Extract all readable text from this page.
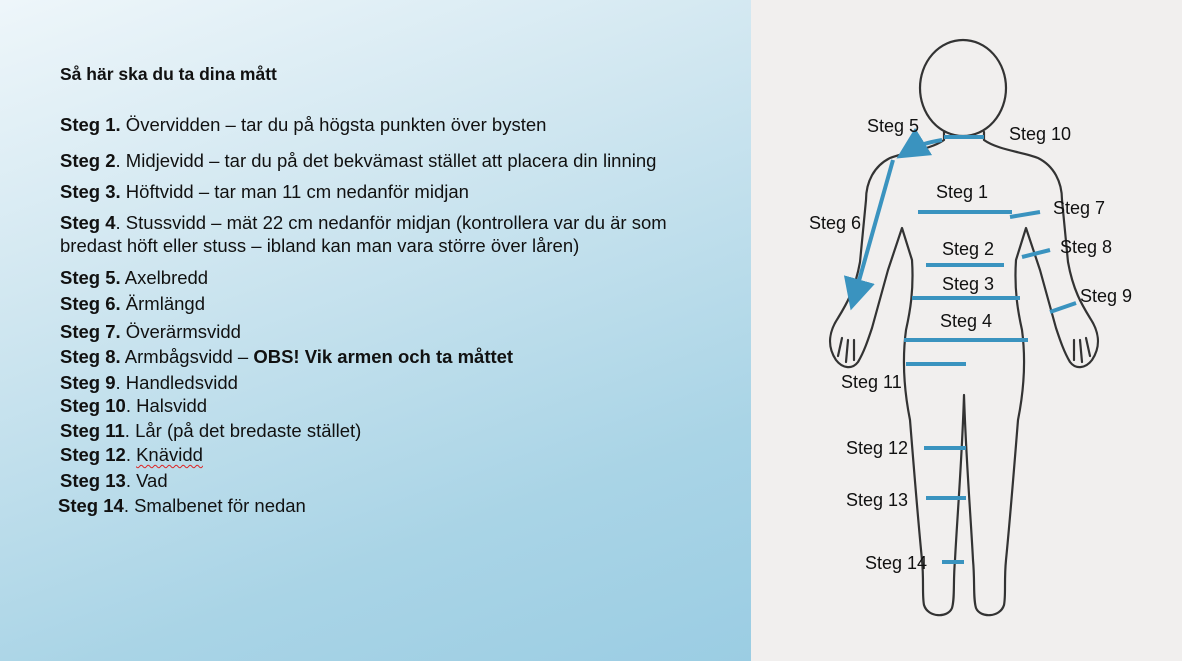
Så här ska du ta dina mått
Steg 1. Övervidden – tar du på högsta punkten över bysten
Steg 2. Midjevidd – tar du på det bekvämast stället att placera din linning
Steg 3. Höftvidd – tar man 11 cm nedanför midjan
Steg 4. Stussvidd – mät 22 cm nedanför midjan (kontrollera var du är som
bredast höft eller stuss – ibland kan man vara större över låren)
Steg 5. Axelbredd
Steg 6. Ärmlängd
Steg 7. Överärmsvidd
Steg 8. Armbågsvidd – OBS! Vik armen och ta måttet
Steg 9. Handledsvidd
Steg 10. Halsvidd
Steg 11. Lår (på det bredaste stället)
Steg 12. Knävidd
Steg 13. Vad
Steg 14. Smalbenet för nedan
Steg 5	Steg 10
Steg 1
Steg 7
Steg 6
Steg 2	Steg 8
Steg 3
Steg 9
Steg 4
Steg 11
Steg 12
Steg 13
Steg 14
